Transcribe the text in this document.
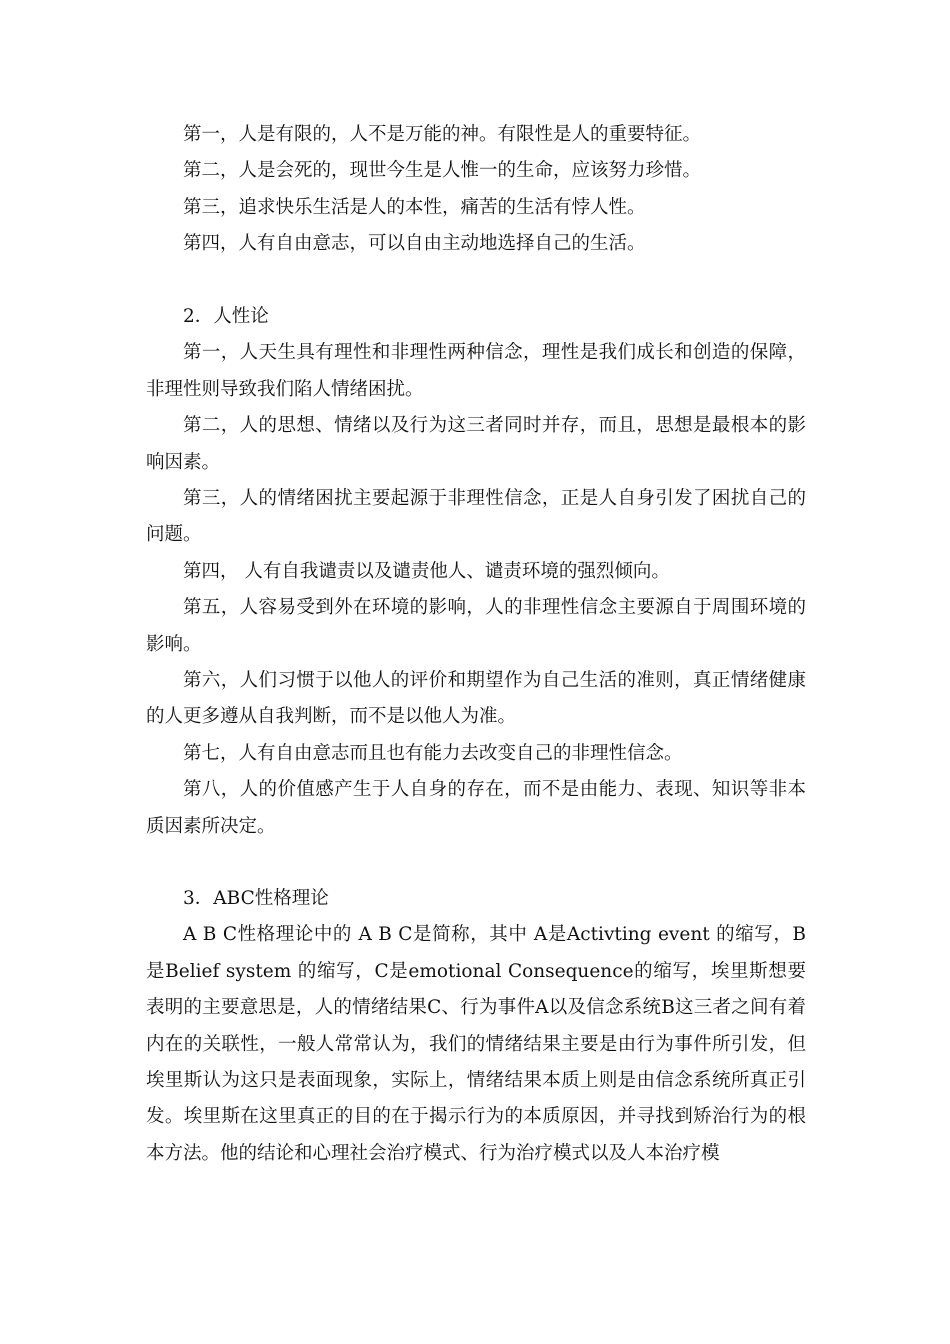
第一，人是有限的，人不是万能的神。有限性是人的重要特征。

第二，人是会死的，现世今生是人惟一的生命，应该努力珍惜。

第三，追求快乐生活是人的本性，痛苦的生活有悖人性。

第四，人有自由意志，可以自由主动地选择自己的生活。

2．人性论

第一，人天生具有理性和非理性两种信念，理性是我们成长和创造的保障，非理性则导致我们陷人情绪困扰。

第二，人的思想、情绪以及行为这三者同时并存，而且，思想是最根本的影响因素。

第三，人的情绪困扰主要起源于非理性信念，正是人自身引发了困扰自己的问题。

第四， 人有自我谴责以及谴责他人、谴责环境的强烈倾向。

第五，人容易受到外在环境的影响，人的非理性信念主要源自于周围环境的影响。

第六，人们习惯于以他人的评价和期望作为自己生活的准则，真正情绪健康的人更多遵从自我判断，而不是以他人为准。

第七，人有自由意志而且也有能力去改变自己的非理性信念。

第八，人的价值感产生于人自身的存在，而不是由能力、表现、知识等非本质因素所决定。

3．ABC性格理论

A B C性格理论中的 A B C是简称，其中 A是Activting event 的缩写，B是Belief system 的缩写，C是emotional Consequence的缩写，埃里斯想要表明的主要意思是，人的情绪结果C、行为事件A以及信念系统B这三者之间有着内在的关联性，一般人常常认为，我们的情绪结果主要是由行为事件所引发，但埃里斯认为这只是表面现象，实际上，情绪结果本质上则是由信念系统所真正引发。埃里斯在这里真正的目的在于揭示行为的本质原因，并寻找到矫治行为的根本方法。他的结论和心理社会治疗模式、行为治疗模式以及人本治疗模
